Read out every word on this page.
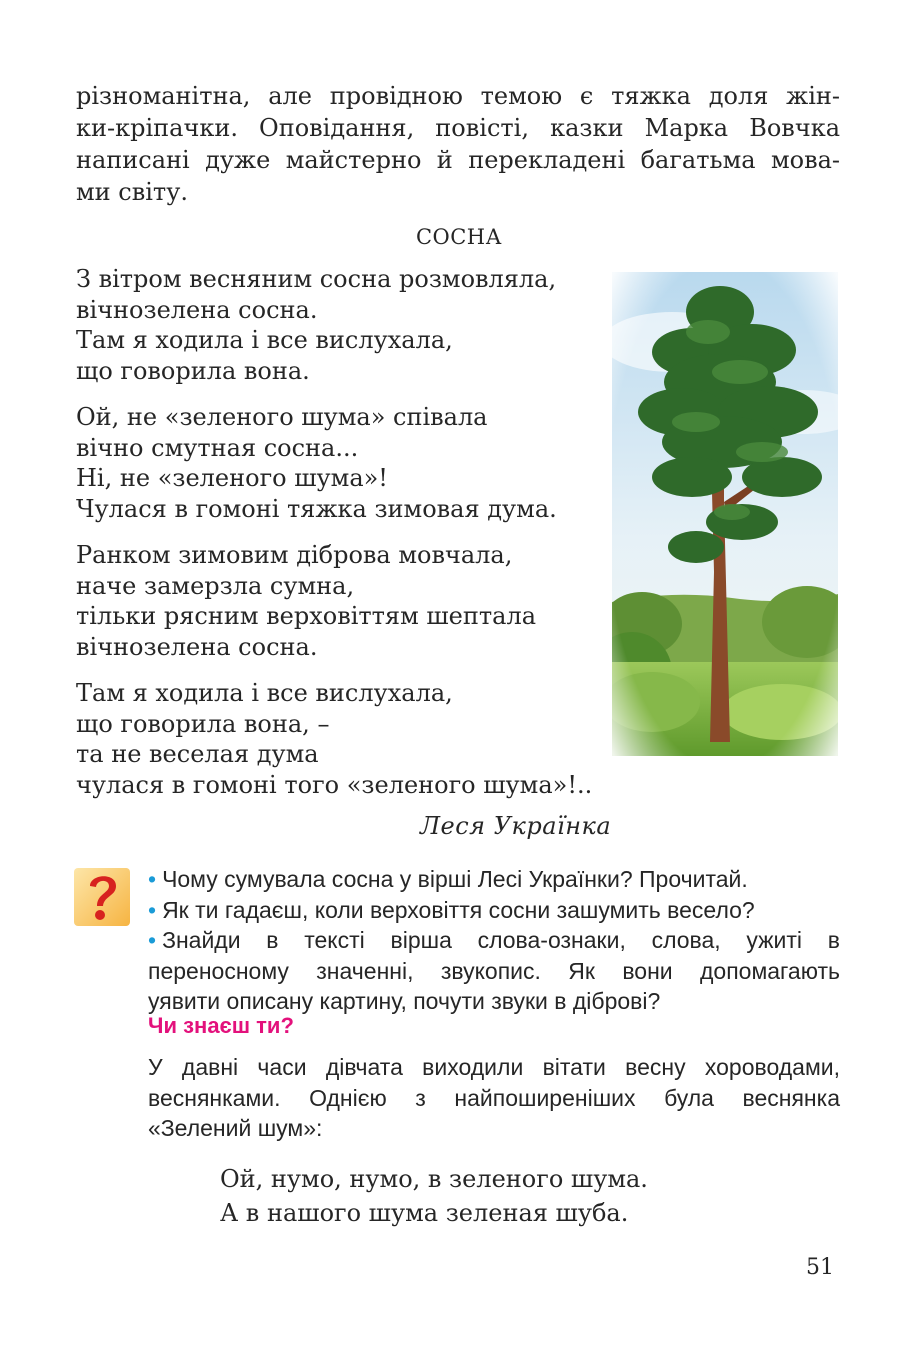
різноманітна, але провідною темою є тяжка доля жін-
ки-кріпачки. Оповідання, повісті, казки Марка Вовчка
написані дуже майстерно й перекладені багатьма мова-
ми світу.
СОСНА
З вітром весняним сосна розмовляла,
вічнозелена сосна.
Там я ходила і все вислухала,
що говорила вона.
Ой, не «зеленого шума» співала
вічно смутная сосна...
Ні, не «зеленого шума»!
Чулася в гомоні тяжка зимовая дума.
Ранком зимовим діброва мовчала,
наче замерзла сумна,
тільки рясним верховіттям шептала
вічнозелена сосна.
Там я ходила і все вислухала,
що говорила вона, –
та не веселая дума
чулася в гомоні того «зеленого шума»!..
Леся Українка
• Чому сумувала сосна у вірші Лесі Українки? Прочитай.
• Як ти гадаєш, коли верховіття сосни зашумить весело?
• Знайди в тексті вірша слова-ознаки, слова, ужиті в
переносному значенні, звукопис. Як вони допомагають
уявити описану картину, почути звуки в діброві?
Чи знаєш ти?
У давні часи дівчата виходили вітати весну хороводами,
веснянками. Однією з найпоширеніших була веснянка
«Зелений шум»:
Ой, нумо, нумо, в зеленого шума.
А в нашого шума зеленая шуба.
51
